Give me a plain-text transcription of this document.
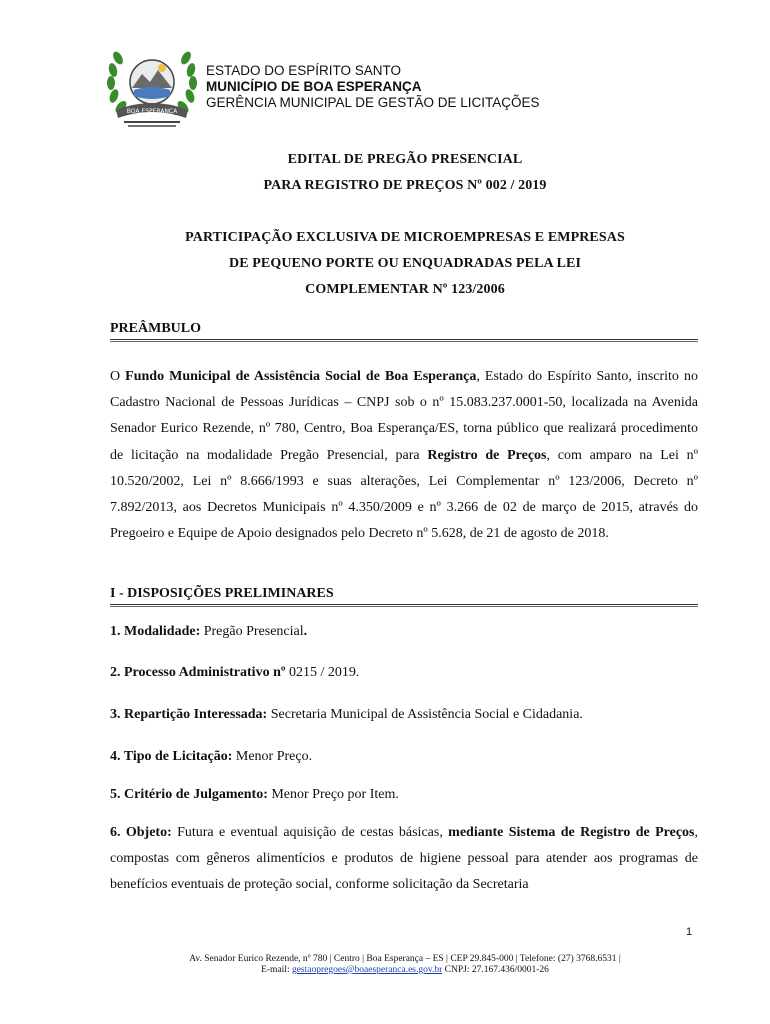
BOA ESPERANÇA
ESTADO DO ESPÍRITO SANTO
MUNICÍPIO DE BOA ESPERANÇA
GERÊNCIA MUNICIPAL DE GESTÃO DE LICITAÇÕES
EDITAL DE PREGÃO PRESENCIAL
PARA REGISTRO DE PREÇOS Nº 002 / 2019
PARTICIPAÇÃO EXCLUSIVA DE MICROEMPRESAS E EMPRESAS
DE PEQUENO PORTE OU ENQUADRADAS PELA LEI
COMPLEMENTAR Nº 123/2006
PREÂMBULO
O Fundo Municipal de Assistência Social de Boa Esperança, Estado do Espírito Santo, inscrito no Cadastro Nacional de Pessoas Jurídicas – CNPJ sob o nº 15.083.237.0001-50, localizada na Avenida Senador Eurico Rezende, nº 780, Centro, Boa Esperança/ES, torna público que realizará procedimento de licitação na modalidade Pregão Presencial, para Registro de Preços, com amparo na Lei nº 10.520/2002, Lei nº 8.666/1993 e suas alterações, Lei Complementar nº 123/2006, Decreto nº 7.892/2013, aos Decretos Municipais nº 4.350/2009 e nº 3.266 de 02 de março de 2015, através do Pregoeiro e Equipe de Apoio designados pelo Decreto nº 5.628, de 21 de agosto de 2018.
I - DISPOSIÇÕES PRELIMINARES
1. Modalidade: Pregão Presencial.
2. Processo Administrativo nº 0215 / 2019.
3. Repartição Interessada: Secretaria Municipal de Assistência Social e Cidadania.
4. Tipo de Licitação: Menor Preço.
5. Critério de Julgamento: Menor Preço por Item.
6. Objeto: Futura e eventual aquisição de cestas básicas, mediante Sistema de Registro de Preços, compostas com gêneros alimentícios e produtos de higiene pessoal para atender aos programas de benefícios eventuais de proteção social, conforme solicitação da Secretaria
1
Av. Senador Eurico Rezende, nº 780 | Centro | Boa Esperança – ES | CEP 29.845-000 | Telefone: (27) 3768.6531 |
E-mail: gestaopregoes@boaesperanca.es.gov.br CNPJ: 27.167.436/0001-26
